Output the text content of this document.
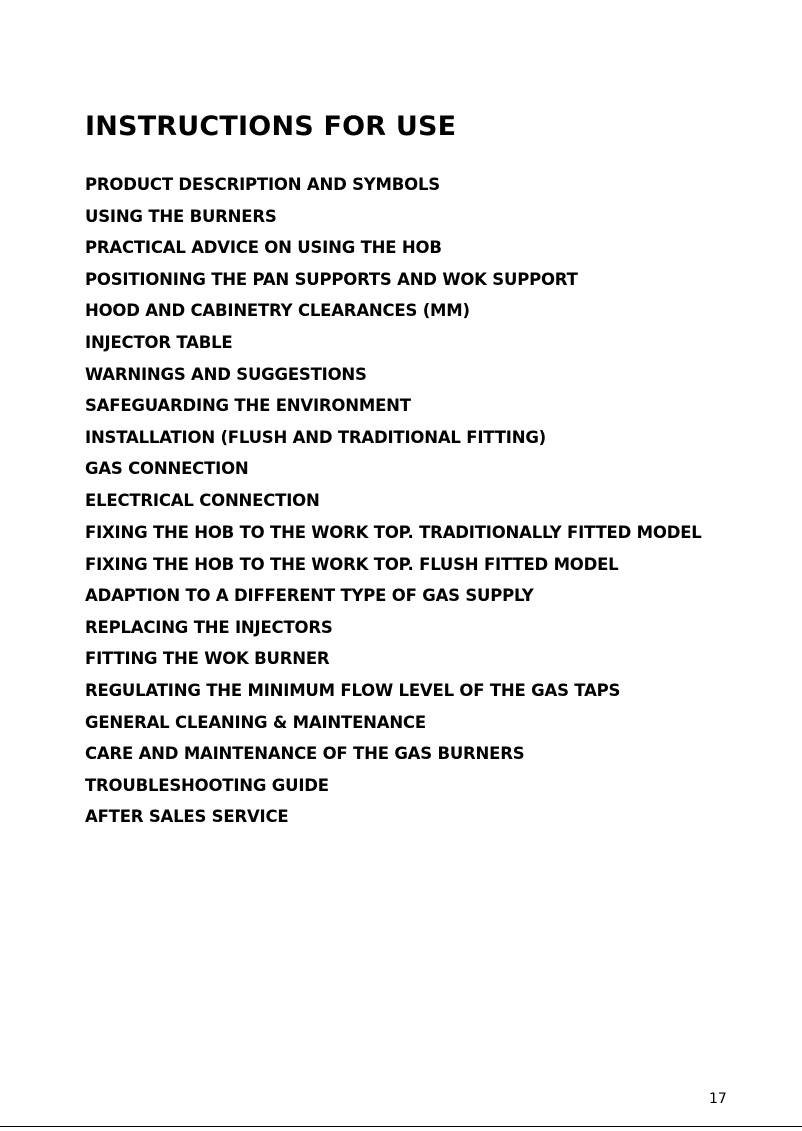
INSTRUCTIONS FOR USE
PRODUCT DESCRIPTION AND SYMBOLS
USING THE BURNERS
PRACTICAL ADVICE ON USING THE HOB
POSITIONING THE PAN SUPPORTS AND WOK SUPPORT
HOOD AND CABINETRY CLEARANCES (MM)
INJECTOR TABLE
WARNINGS AND SUGGESTIONS
SAFEGUARDING THE ENVIRONMENT
INSTALLATION (FLUSH AND TRADITIONAL FITTING)
GAS CONNECTION
ELECTRICAL CONNECTION
FIXING THE HOB TO THE WORK TOP. TRADITIONALLY FITTED MODEL
FIXING THE HOB TO THE WORK TOP. FLUSH FITTED MODEL
ADAPTION TO A DIFFERENT TYPE OF GAS SUPPLY
REPLACING THE INJECTORS
FITTING THE WOK BURNER
REGULATING THE MINIMUM FLOW LEVEL OF THE GAS TAPS
GENERAL CLEANING & MAINTENANCE
CARE AND MAINTENANCE OF THE GAS BURNERS
TROUBLESHOOTING GUIDE
AFTER SALES SERVICE
17
